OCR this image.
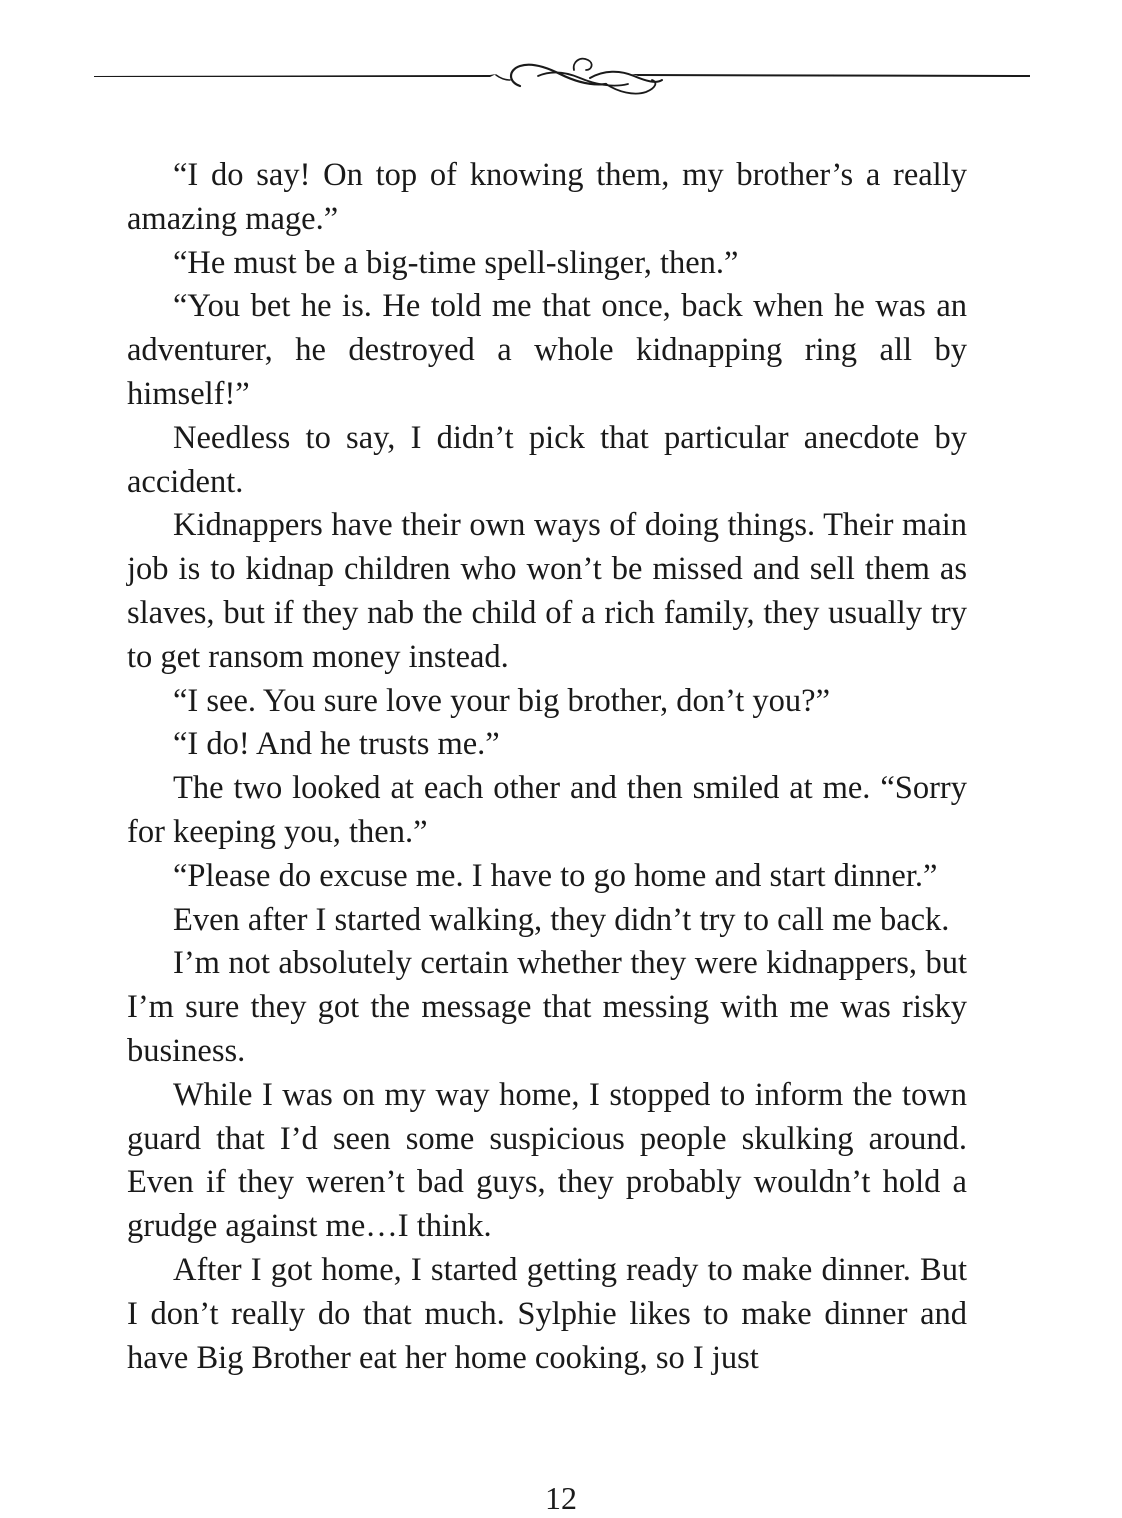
“I do say! On top of knowing them, my brother’s a really amazing mage.”

“He must be a big-time spell-slinger, then.”

“You bet he is. He told me that once, back when he was an adventurer, he destroyed a whole kidnapping ring all by himself!”

Needless to say, I didn’t pick that particular anecdote by accident.

Kidnappers have their own ways of doing things. Their main job is to kidnap children who won’t be missed and sell them as slaves, but if they nab the child of a rich family, they usually try to get ransom money instead.

“I see. You sure love your big brother, don’t you?”

“I do! And he trusts me.”

The two looked at each other and then smiled at me. “Sorry for keeping you, then.”

“Please do excuse me. I have to go home and start dinner.”

Even after I started walking, they didn’t try to call me back.

I’m not absolutely certain whether they were kidnappers, but I’m sure they got the message that messing with me was risky business.

While I was on my way home, I stopped to inform the town guard that I’d seen some suspicious people skulking around. Even if they weren’t bad guys, they probably wouldn’t hold a grudge against me…I think.

After I got home, I started getting ready to make dinner. But I don’t really do that much. Sylphie likes to make dinner and have Big Brother eat her home cooking, so I just

12
